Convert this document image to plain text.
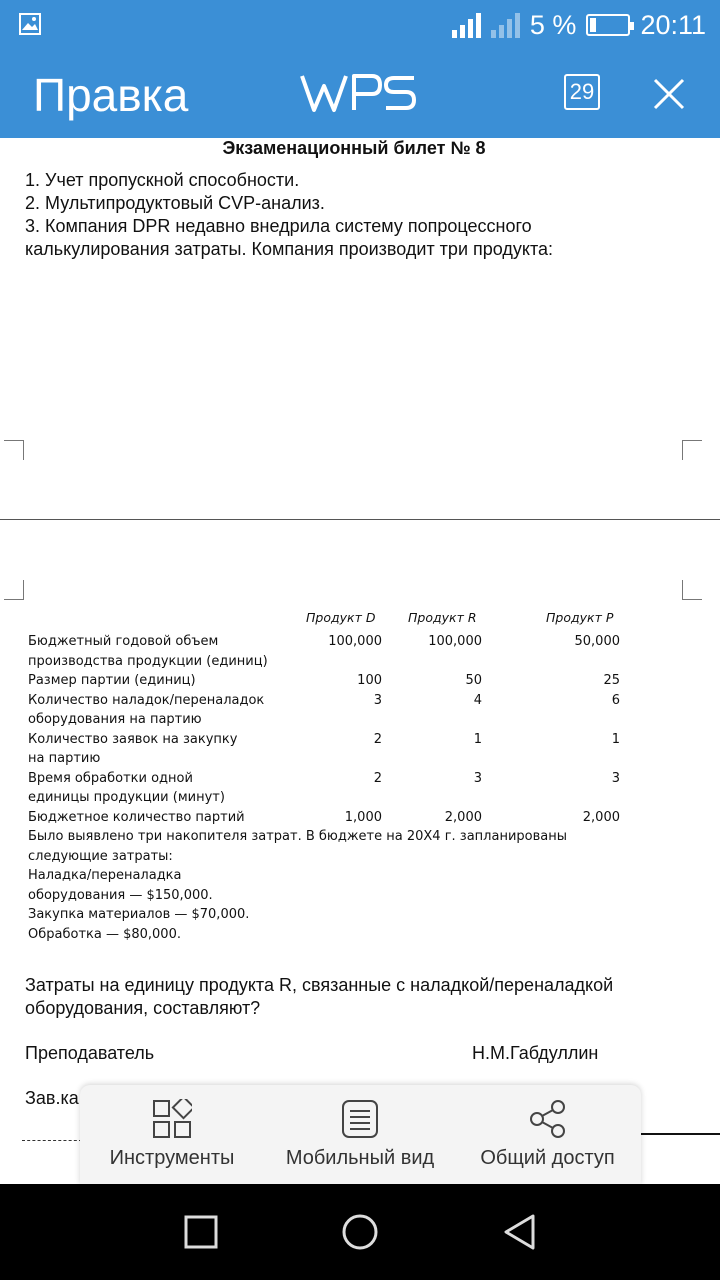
5 % 20:11
Правка	29
Экзаменационный билет № 8
1. Учет пропускной способности.
2. Мультипродуктовый CVP-анализ.
3. Компания DPR недавно внедрила систему попроцессного
калькулирования затраты. Компания производит три продукта:
Продукт D	Продукт R	Продукт P
Бюджетный годовой объем
производства продукции (единиц)
100,000	100,000	50,000
Размер партии (единиц)	100	50	25
Количество наладок/переналадок
оборудования на партию
3	4	6
Количество заявок на закупку
на партию
2	1	1
Время обработки одной
единицы продукции (минут)
2	3	3
Бюджетное количество партий	1,000	2,000	2,000
Было выявлено три накопителя затрат. В бюджете на 20Х4 г. запланированы
следующие затраты:
Наладка/переналадка
оборудования — $150,000.
Закупка материалов — $70,000.
Обработка — $80,000.
Затраты на единицу продукта R, связанные с наладкой/переналадкой оборудования, составляют?
Преподаватель	Н.М.Габдуллин
Зав.ка
Инструменты	Мобильный вид Общий доступ
